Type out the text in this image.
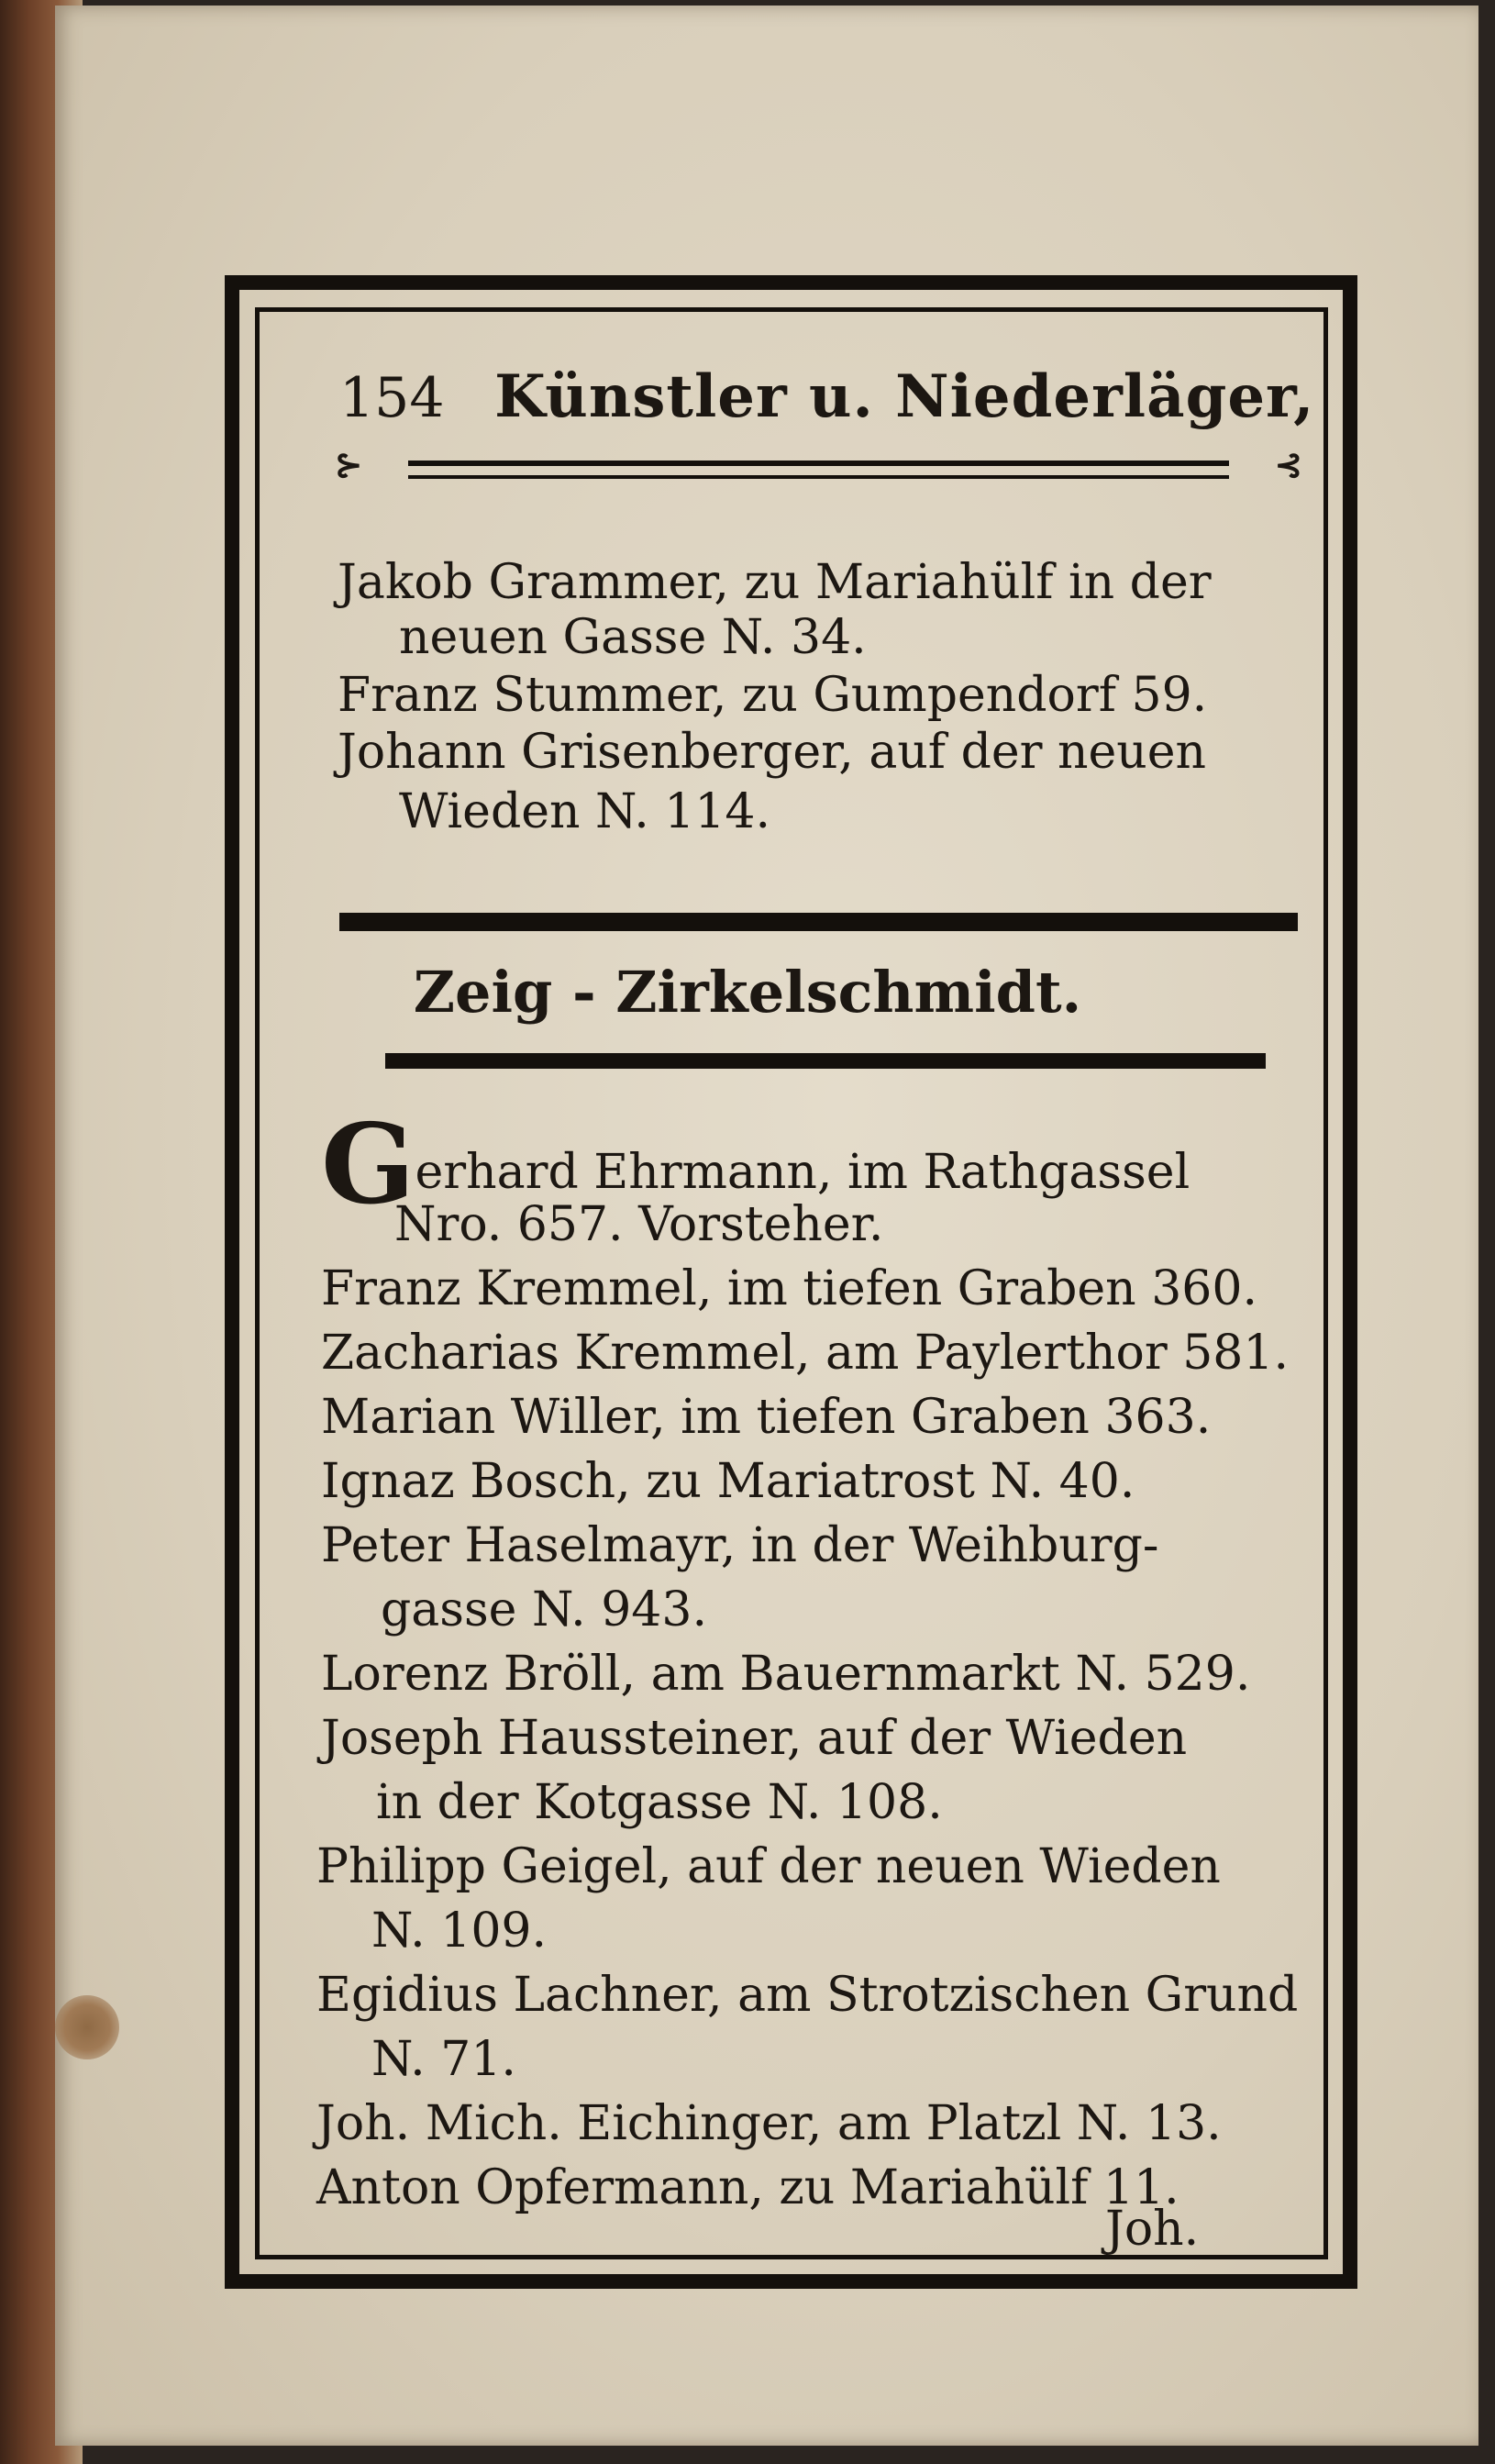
154 Künstler u. Niederläger,
⊱	⊰
Jakob Grammer, zu Mariahülf in der
neuen Gasse N. 34.
Franz Stummer, zu Gumpendorf 59.
Johann Grisenberger, auf der neuen
Wieden N. 114.
Zeig - Zirkelschmidt.
Gerhard Ehrmann, im Rathgassel
Nro. 657. Vorsteher.
Franz Kremmel, im tiefen Graben 360.
Zacharias Kremmel, am Paylerthor 581.
Marian Willer, im tiefen Graben 363.
Ignaz Bosch, zu Mariatrost N. 40.
Peter Haselmayr, in der Weihburg-
gasse N. 943.
Lorenz Bröll, am Bauernmarkt N. 529.
Joseph Haussteiner, auf der Wieden
in der Kotgasse N. 108.
Philipp Geigel, auf der neuen Wieden
N. 109.
Egidius Lachner, am Strotzischen Grund
N. 71.
Joh. Mich. Eichinger, am Platzl N. 13.
Anton Opfermann, zu Mariahülf 11.
Joh.
